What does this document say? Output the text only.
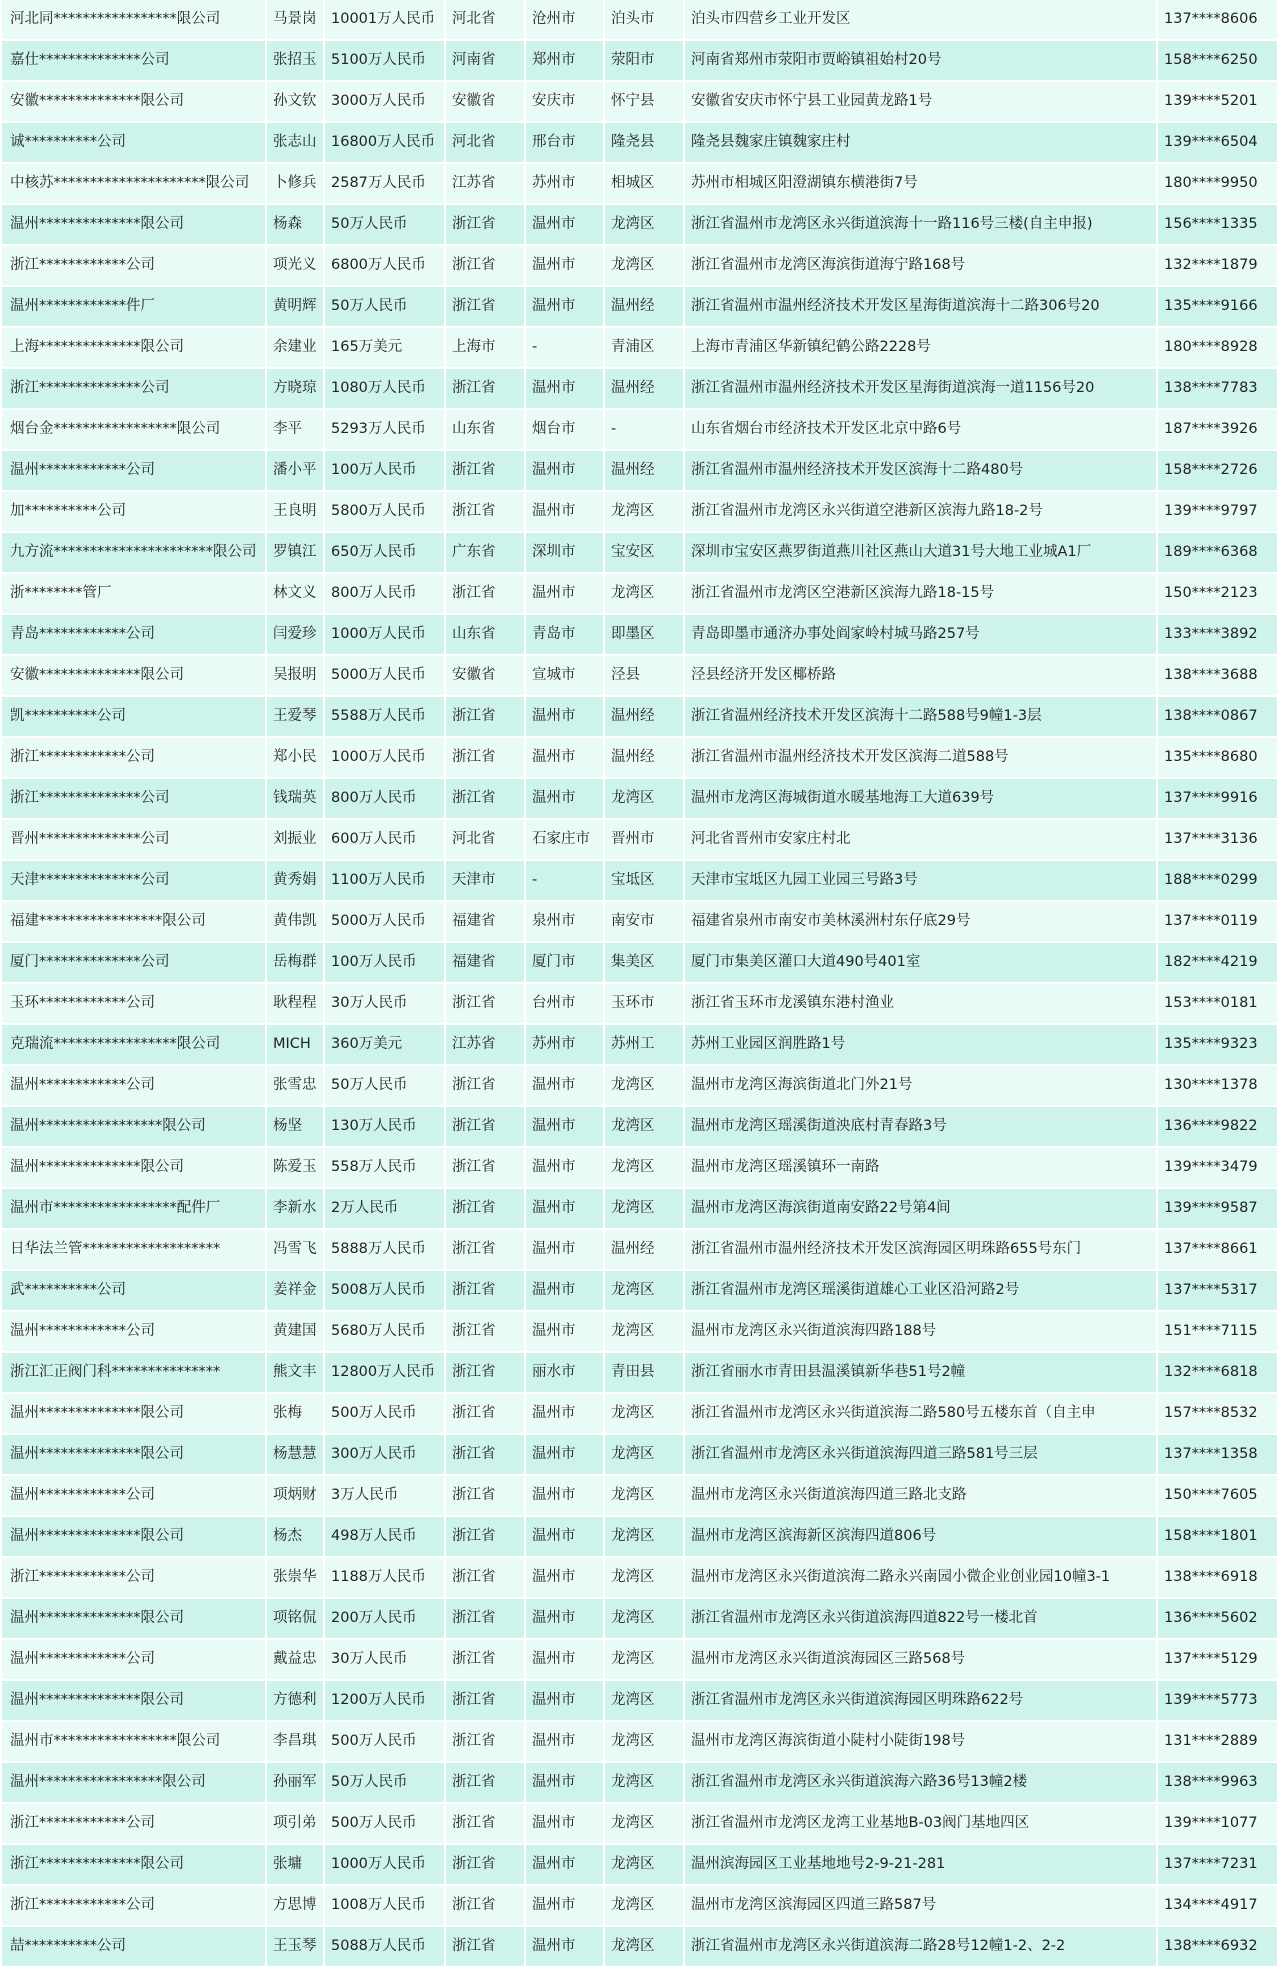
河北同*****************限公司	马景岗	10001万人民币	河北省	沧州市	泊头市	泊头市四营乡工业开发区	137****8606
嘉仕**************公司	张招玉	5100万人民币	河南省	郑州市	荥阳市	河南省郑州市荥阳市贾峪镇祖始村20号	158****6250
安徽**************限公司	孙文钦	3000万人民币	安徽省	安庆市	怀宁县	安徽省安庆市怀宁县工业园黄龙路1号	139****5201
诚**********公司	张志山	16800万人民币	河北省	邢台市	隆尧县	隆尧县魏家庄镇魏家庄村	139****6504
中核苏*********************限公司	卜修兵	2587万人民币	江苏省	苏州市	相城区	苏州市相城区阳澄湖镇东横港街7号	180****9950
温州**************限公司	杨森	50万人民币	浙江省	温州市	龙湾区	浙江省温州市龙湾区永兴街道滨海十一路116号三楼(自主申报)	156****1335
浙江************公司	项光义	6800万人民币	浙江省	温州市	龙湾区	浙江省温州市龙湾区海滨街道海宁路168号	132****1879
温州************件厂	黄明辉	50万人民币	浙江省	温州市	温州经	浙江省温州市温州经济技术开发区星海街道滨海十二路306号20	135****9166
上海**************限公司	余建业	165万美元	上海市	-	青浦区	上海市青浦区华新镇纪鹤公路2228号	180****8928
浙江**************公司	方晓琼	1080万人民币	浙江省	温州市	温州经	浙江省温州市温州经济技术开发区星海街道滨海一道1156号20	138****7783
烟台金*****************限公司	李平	5293万人民币	山东省	烟台市	-	山东省烟台市经济技术开发区北京中路6号	187****3926
温州************公司	潘小平	100万人民币	浙江省	温州市	温州经	浙江省温州市温州经济技术开发区滨海十二路480号	158****2726
加**********公司	王良明	5800万人民币	浙江省	温州市	龙湾区	浙江省温州市龙湾区永兴街道空港新区滨海九路18-2号	139****9797
九方流**********************限公司	罗镇江	650万人民币	广东省	深圳市	宝安区	深圳市宝安区燕罗街道燕川社区燕山大道31号大地工业城A1厂	189****6368
浙********管厂	林文义	800万人民币	浙江省	温州市	龙湾区	浙江省温州市龙湾区空港新区滨海九路18-15号	150****2123
青岛************公司	闫爱珍	1000万人民币	山东省	青岛市	即墨区	青岛即墨市通济办事处阎家岭村城马路257号	133****3892
安徽**************限公司	吴报明	5000万人民币	安徽省	宣城市	泾县	泾县经济开发区椰桥路	138****3688
凯**********公司	王爱琴	5588万人民币	浙江省	温州市	温州经	浙江省温州经济技术开发区滨海十二路588号9幢1-3层	138****0867
浙江************公司	郑小民	1000万人民币	浙江省	温州市	温州经	浙江省温州市温州经济技术开发区滨海二道588号	135****8680
浙江**************公司	钱瑞英	800万人民币	浙江省	温州市	龙湾区	温州市龙湾区海城街道水暖基地海工大道639号	137****9916
晋州**************公司	刘振业	600万人民币	河北省	石家庄市	晋州市	河北省晋州市安家庄村北	137****3136
天津**************公司	黄秀娟	1100万人民币	天津市	-	宝坻区	天津市宝坻区九园工业园三号路3号	188****0299
福建*****************限公司	黄伟凯	5000万人民币	福建省	泉州市	南安市	福建省泉州市南安市美林溪洲村东仔底29号	137****0119
厦门**************公司	岳梅群	100万人民币	福建省	厦门市	集美区	厦门市集美区灌口大道490号401室	182****4219
玉环************公司	耿程程	30万人民币	浙江省	台州市	玉环市	浙江省玉环市龙溪镇东港村渔业	153****0181
克瑞流*****************限公司	MICH	360万美元	江苏省	苏州市	苏州工	苏州工业园区润胜路1号	135****9323
温州************公司	张雪忠	50万人民币	浙江省	温州市	龙湾区	温州市龙湾区海滨街道北门外21号	130****1378
温州*****************限公司	杨坚	130万人民币	浙江省	温州市	龙湾区	温州市龙湾区瑶溪街道泱底村青春路3号	136****9822
温州**************限公司	陈爱玉	558万人民币	浙江省	温州市	龙湾区	温州市龙湾区瑶溪镇环一南路	139****3479
温州市*****************配件厂	李新水	2万人民币	浙江省	温州市	龙湾区	温州市龙湾区海滨街道南安路22号第4间	139****9587
日华法兰管*******************	冯雪飞	5888万人民币	浙江省	温州市	温州经	浙江省温州市温州经济技术开发区滨海园区明珠路655号东门	137****8661
武**********公司	姜祥金	5008万人民币	浙江省	温州市	龙湾区	浙江省温州市龙湾区瑶溪街道雄心工业区沿河路2号	137****5317
温州************公司	黄建国	5680万人民币	浙江省	温州市	龙湾区	温州市龙湾区永兴街道滨海四路188号	151****7115
浙江汇正阀门科***************	熊文丰	12800万人民币	浙江省	丽水市	青田县	浙江省丽水市青田县温溪镇新华巷51号2幢	132****6818
温州**************限公司	张梅	500万人民币	浙江省	温州市	龙湾区	浙江省温州市龙湾区永兴街道滨海二路580号五楼东首（自主申	157****8532
温州**************限公司	杨慧慧	300万人民币	浙江省	温州市	龙湾区	浙江省温州市龙湾区永兴街道滨海四道三路581号三层	137****1358
温州************公司	项炳财	3万人民币	浙江省	温州市	龙湾区	温州市龙湾区永兴街道滨海四道三路北支路	150****7605
温州**************限公司	杨杰	498万人民币	浙江省	温州市	龙湾区	温州市龙湾区滨海新区滨海四道806号	158****1801
浙江************公司	张崇华	1188万人民币	浙江省	温州市	龙湾区	温州市龙湾区永兴街道滨海二路永兴南园小微企业创业园10幢3-1	138****6918
温州**************限公司	项铭侃	200万人民币	浙江省	温州市	龙湾区	浙江省温州市龙湾区永兴街道滨海四道822号一楼北首	136****5602
温州************公司	戴益忠	30万人民币	浙江省	温州市	龙湾区	温州市龙湾区永兴街道滨海园区三路568号	137****5129
温州**************限公司	方德利	1200万人民币	浙江省	温州市	龙湾区	浙江省温州市龙湾区永兴街道滨海园区明珠路622号	139****5773
温州市*****************限公司	李昌琪	500万人民币	浙江省	温州市	龙湾区	温州市龙湾区海滨街道小陡村小陡街198号	131****2889
温州*****************限公司	孙丽军	50万人民币	浙江省	温州市	龙湾区	浙江省温州市龙湾区永兴街道滨海六路36号13幢2楼	138****9963
浙江************公司	项引弟	500万人民币	浙江省	温州市	龙湾区	浙江省温州市龙湾区龙湾工业基地B-03阀门基地四区	139****1077
浙江**************限公司	张墉	1000万人民币	浙江省	温州市	龙湾区	温州滨海园区工业基地地号2-9-21-281	137****7231
浙江************公司	方思博	1008万人民币	浙江省	温州市	龙湾区	温州市龙湾区滨海园区四道三路587号	134****4917
喆**********公司	王玉琴	5088万人民币	浙江省	温州市	龙湾区	浙江省温州市龙湾区永兴街道滨海二路28号12幢1-2、2-2	138****6932
